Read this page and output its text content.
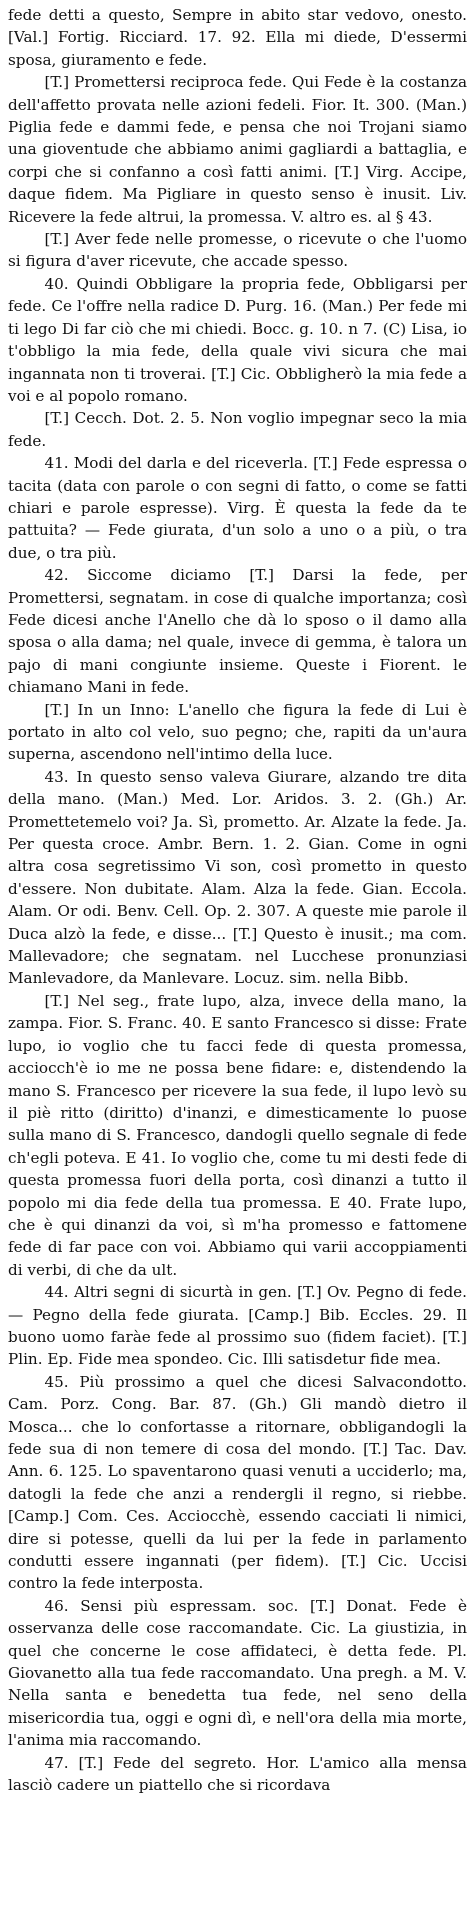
fede detti a questo, Sempre in abito star vedovo, onesto. [Val.] Fortig. Ricciard. 17. 92. Ella mi diede, D'essermi sposa, giuramento e fede.

[T.] Promettersi reciproca fede. Qui Fede è la costanza dell'affetto provata nelle azioni fedeli. Fior. It. 300. (Man.) Piglia fede e dammi fede, e pensa che noi Trojani siamo una gioventude che abbiamo animi gagliardi a battaglia, e corpi che si confanno a così fatti animi. [T.] Virg. Accipe, daque fidem. Ma Pigliare in questo senso è inusit. Liv. Ricevere la fede altrui, la promessa. V. altro es. al § 43.

[T.] Aver fede nelle promesse, o ricevute o che l'uomo si figura d'aver ricevute, che accade spesso.

40. Quindi Obbligare la propria fede, Obbligarsi per fede. Ce l'offre nella radice D. Purg. 16. (Man.) Per fede mi ti lego Di far ciò che mi chiedi. Bocc. g. 10. n 7. (C) Lisa, io t'obbligo la mia fede, della quale vivi sicura che mai ingannata non ti troverai. [T.] Cic. Obbligherò la mia fede a voi e al popolo romano.

[T.] Cecch. Dot. 2. 5. Non voglio impegnar seco la mia fede.

41. Modi del darla e del riceverla. [T.] Fede espressa o tacita (data con parole o con segni di fatto, o come se fatti chiari e parole espresse). Virg. È questa la fede da te pattuita? — Fede giurata, d'un solo a uno o a più, o tra due, o tra più.

42. Siccome diciamo [T.] Darsi la fede, per Promettersi, segnatam. in cose di qualche importanza; così Fede dicesi anche l'Anello che dà lo sposo o il damo alla sposa o alla dama; nel quale, invece di gemma, è talora un pajo di mani congiunte insieme. Queste i Fiorent. le chiamano Mani in fede.

[T.] In un Inno: L'anello che figura la fede di Lui è portato in alto col velo, suo pegno; che, rapiti da un'aura superna, ascendono nell'intimo della luce.

43. In questo senso valeva Giurare, alzando tre dita della mano. (Man.) Med. Lor. Aridos. 3. 2. (Gh.) Ar. Promettetemelo voi? Ja. Sì, prometto. Ar. Alzate la fede. Ja. Per questa croce. Ambr. Bern. 1. 2. Gian. Come in ogni altra cosa segretissimo Vi son, così prometto in questo d'essere. Non dubitate. Alam. Alza la fede. Gian. Eccola. Alam. Or odi. Benv. Cell. Op. 2. 307. A queste mie parole il Duca alzò la fede, e disse... [T.] Questo è inusit.; ma com. Mallevadore; che segnatam. nel Lucchese pronunziasi Manlevadore, da Manlevare. Locuz. sim. nella Bibb.

[T.] Nel seg., frate lupo, alza, invece della mano, la zampa. Fior. S. Franc. 40. E santo Francesco si disse: Frate lupo, io voglio che tu facci fede di questa promessa, acciocch'è io me ne possa bene fidare: e, distendendo la mano S. Francesco per ricevere la sua fede, il lupo levò su il piè ritto (diritto) d'inanzi, e dimesticamente lo puose sulla mano di S. Francesco, dandogli quello segnale di fede ch'egli poteva. E 41. Io voglio che, come tu mi desti fede di questa promessa fuori della porta, così dinanzi a tutto il popolo mi dia fede della tua promessa. E 40. Frate lupo, che è qui dinanzi da voi, sì m'ha promesso e fattomene fede di far pace con voi. Abbiamo qui varii accoppiamenti di verbi, di che da ult.

44. Altri segni di sicurtà in gen. [T.] Ov. Pegno di fede. — Pegno della fede giurata. [Camp.] Bib. Eccles. 29. Il buono uomo faràe fede al prossimo suo (fidem faciet). [T.] Plin. Ep. Fide mea spondeo. Cic. Illi satisdetur fide mea.

45. Più prossimo a quel che dicesi Salvacondotto. Cam. Porz. Cong. Bar. 87. (Gh.) Gli mandò dietro il Mosca... che lo confortasse a ritornare, obbligandogli la fede sua di non temere di cosa del mondo. [T.] Tac. Dav. Ann. 6. 125. Lo spaventarono quasi venuti a ucciderlo; ma, datogli la fede che anzi a rendergli il regno, si riebbe. [Camp.] Com. Ces. Acciocchè, essendo cacciati li nimici, dire si potesse, quelli da lui per la fede in parlamento condutti essere ingannati (per fidem). [T.] Cic. Uccisi contro la fede interposta.

46. Sensi più espressam. soc. [T.] Donat. Fede è osservanza delle cose raccomandate. Cic. La giustizia, in quel che concerne le cose affidateci, è detta fede. Pl. Giovanetto alla tua fede raccomandato. Una pregh. a M. V. Nella santa e benedetta tua fede, nel seno della misericordia tua, oggi e ogni dì, e nell'ora della mia morte, l'anima mia raccomando.

47. [T.] Fede del segreto. Hor. L'amico alla mensa lasciò cadere un piattello che si ricordava
